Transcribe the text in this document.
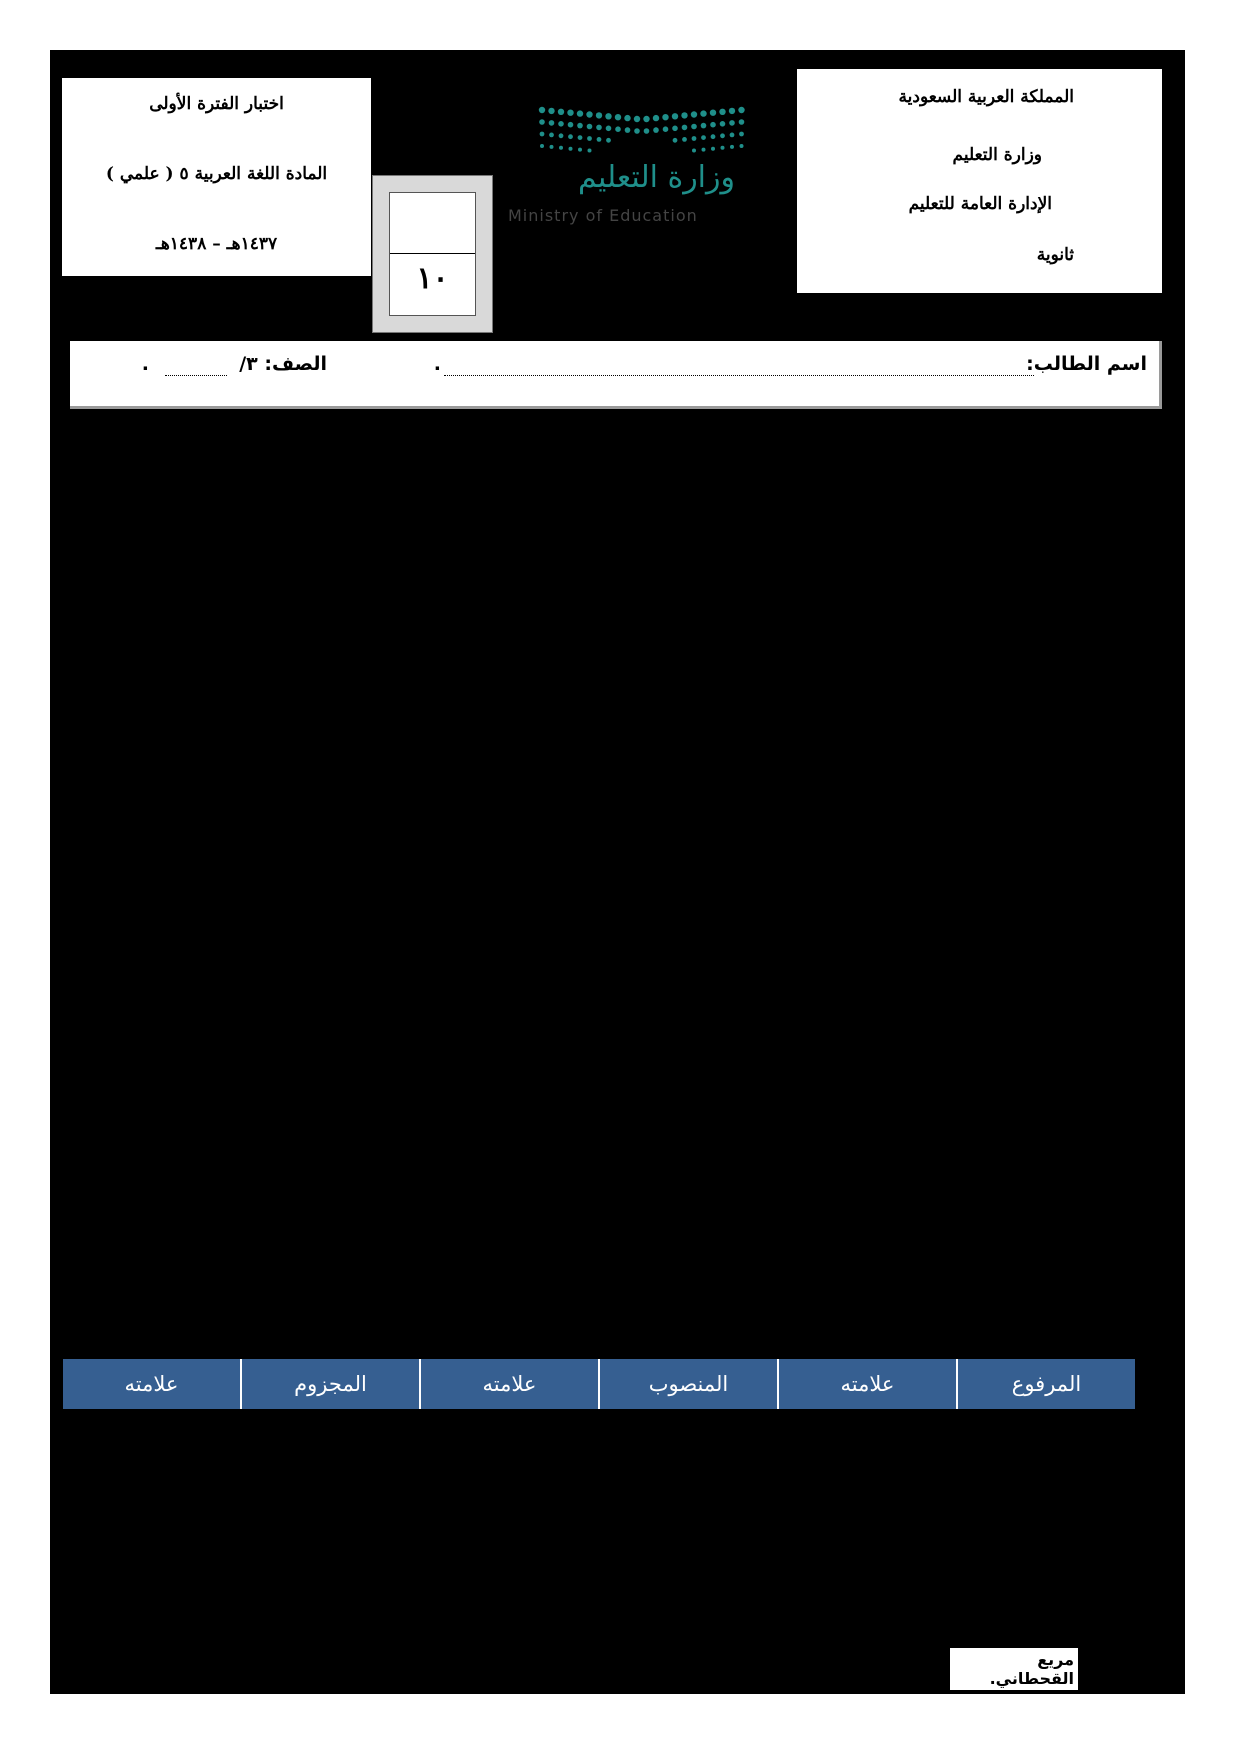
المملكة العربية السعودية
وزارة التعليم
الإدارة العامة للتعليم
ثانوية
اختبار الفترة الأولى
المادة اللغة العربية ٥ ( علمي )
١٤٣٧هـ – ١٤٣٨هـ
وزارة التعليم
Ministry of Education
١٠
اسم الطالب:
.
الصف: ٣/
.
المرفوع
علامته
المنصوب
علامته
المجزوم
علامته
مريع القحطاني.
